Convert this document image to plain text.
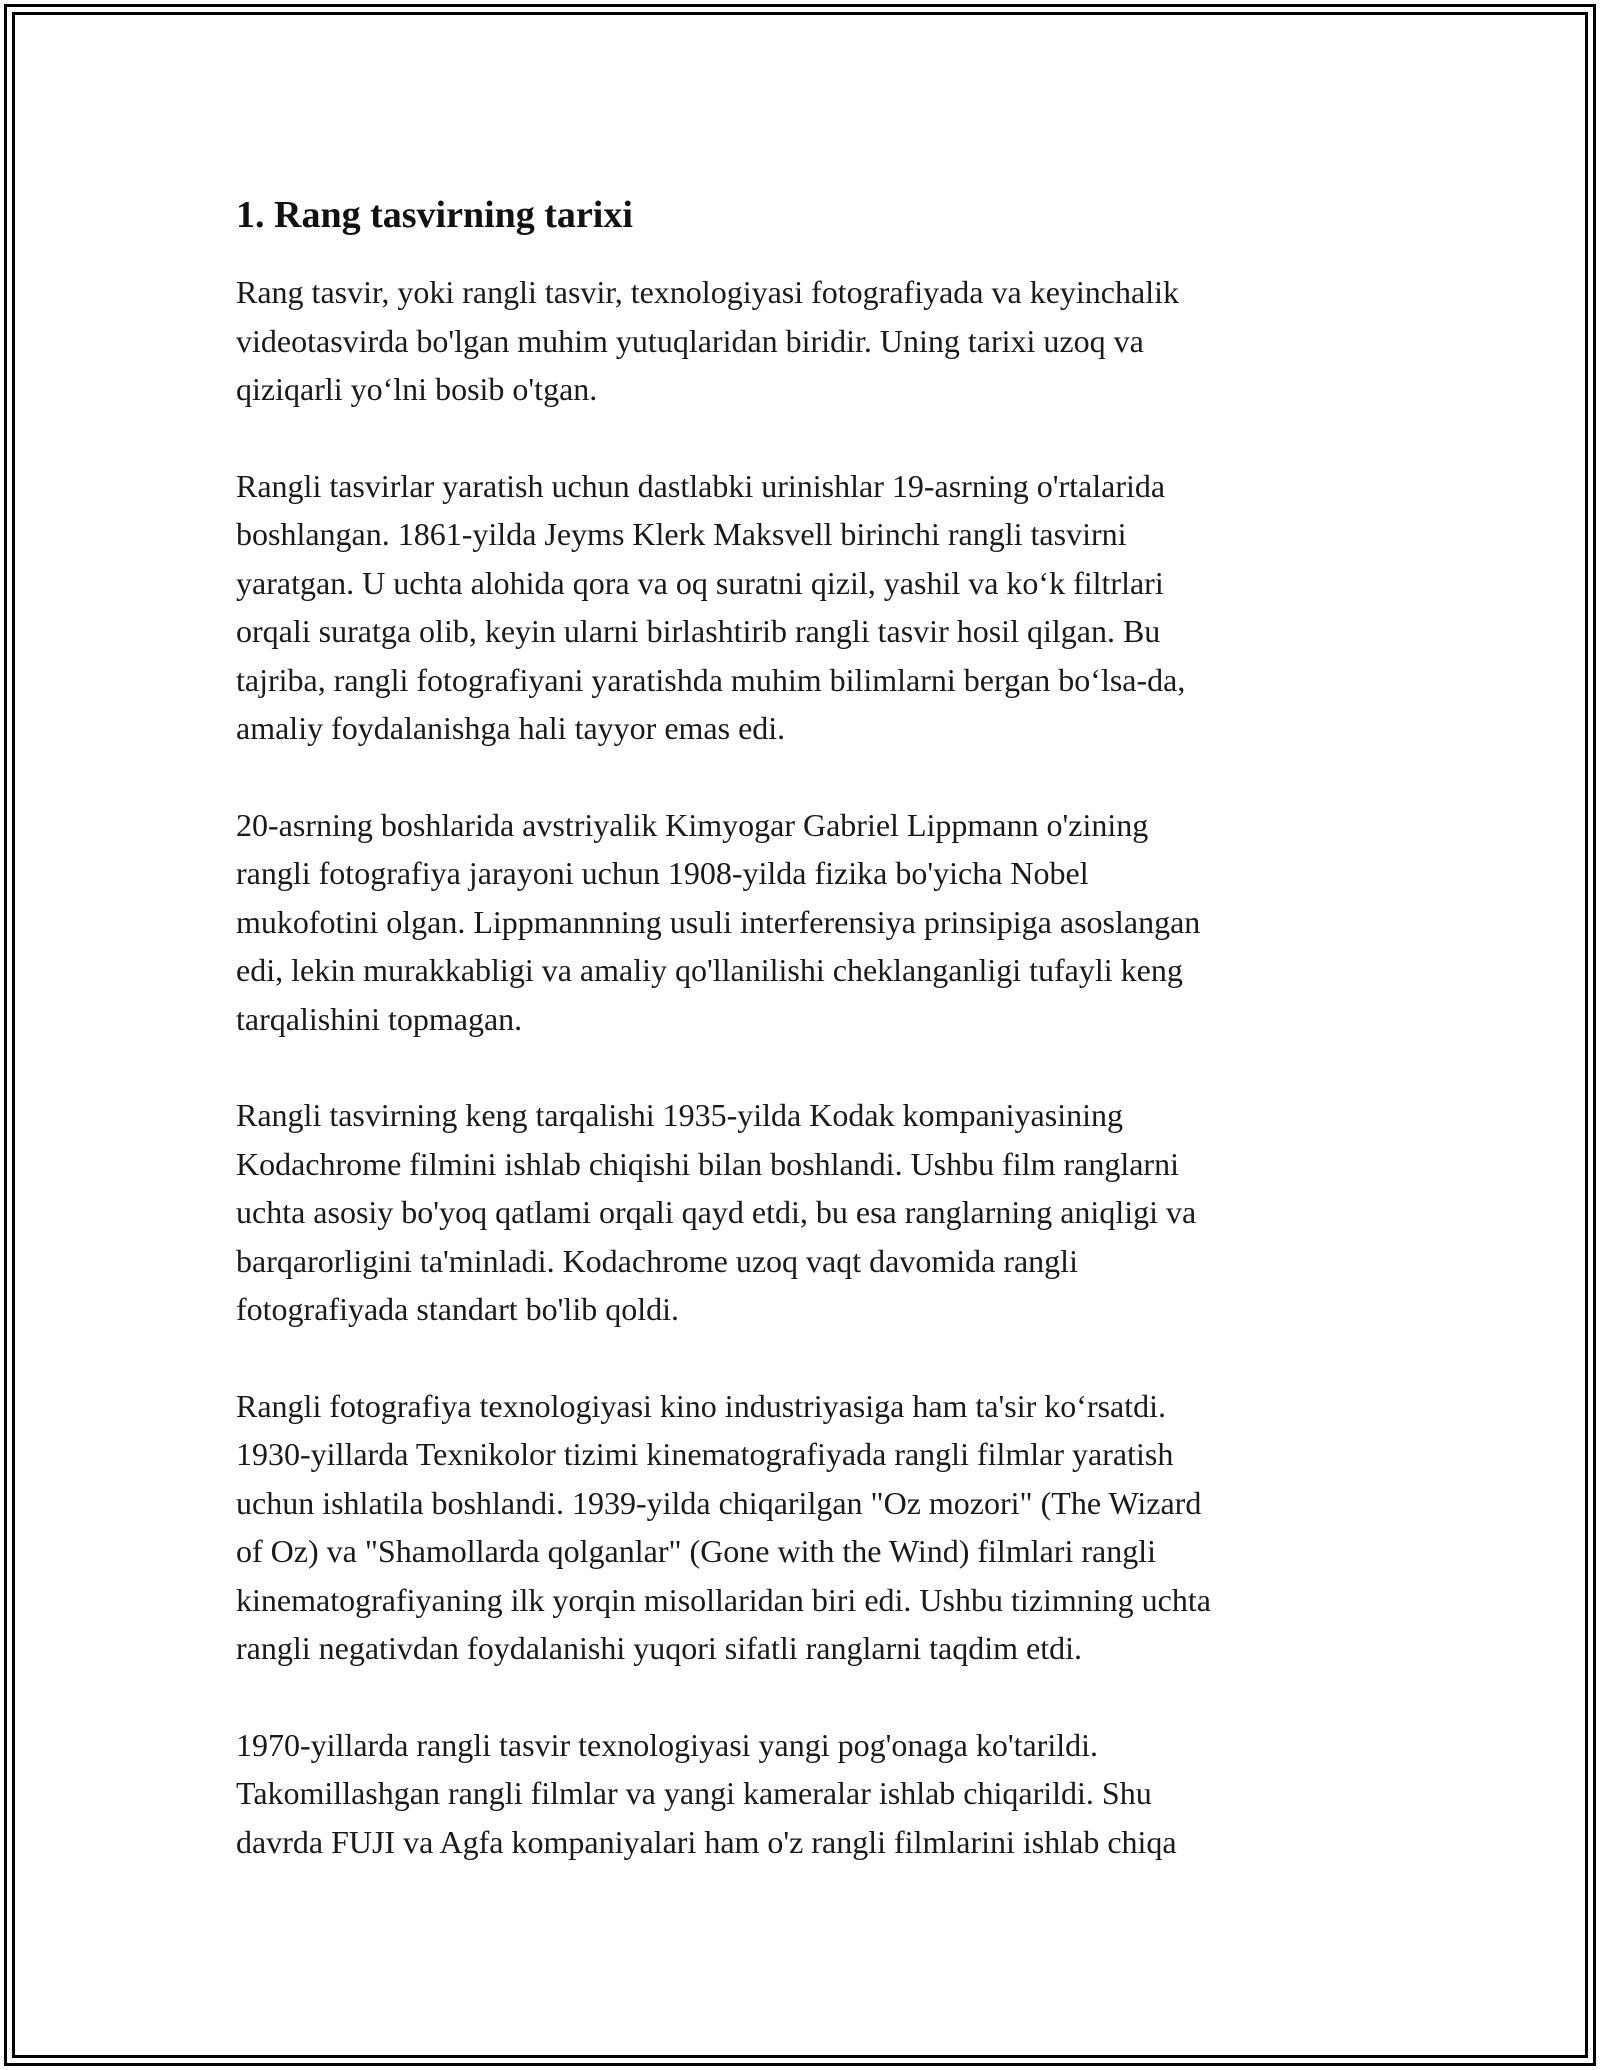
1. Rang tasvirning tarixi

Rang tasvir, yoki rangli tasvir, texnologiyasi fotografiyada va keyinchalik
videotasvirda bo'lgan muhim yutuqlaridan biridir. Uning tarixi uzoq va
qiziqarli yo‘lni bosib o'tgan.

Rangli tasvirlar yaratish uchun dastlabki urinishlar 19-asrning o'rtalarida
boshlangan. 1861-yilda Jeyms Klerk Maksvell birinchi rangli tasvirni
yaratgan. U uchta alohida qora va oq suratni qizil, yashil va ko‘k filtrlari
orqali suratga olib, keyin ularni birlashtirib rangli tasvir hosil qilgan. Bu
tajriba, rangli fotografiyani yaratishda muhim bilimlarni bergan bo‘lsa-da,
amaliy foydalanishga hali tayyor emas edi.

20-asrning boshlarida avstriyalik Kimyogar Gabriel Lippmann o'zining
rangli fotografiya jarayoni uchun 1908-yilda fizika bo'yicha Nobel
mukofotini olgan. Lippmannning usuli interferensiya prinsipiga asoslangan
edi, lekin murakkabligi va amaliy qo'llanilishi cheklanganligi tufayli keng
tarqalishini topmagan.

Rangli tasvirning keng tarqalishi 1935-yilda Kodak kompaniyasining
Kodachrome filmini ishlab chiqishi bilan boshlandi. Ushbu film ranglarni
uchta asosiy bo'yoq qatlami orqali qayd etdi, bu esa ranglarning aniqligi va
barqarorligini ta'minladi. Kodachrome uzoq vaqt davomida rangli
fotografiyada standart bo'lib qoldi.

Rangli fotografiya texnologiyasi kino industriyasiga ham ta'sir ko‘rsatdi.
1930-yillarda Texnikolor tizimi kinematografiyada rangli filmlar yaratish
uchun ishlatila boshlandi. 1939-yilda chiqarilgan "Oz mozori" (The Wizard
of Oz) va "Shamollarda qolganlar" (Gone with the Wind) filmlari rangli
kinematografiyaning ilk yorqin misollaridan biri edi. Ushbu tizimning uchta
rangli negativdan foydalanishi yuqori sifatli ranglarni taqdim etdi.

1970-yillarda rangli tasvir texnologiyasi yangi pog'onaga ko'tarildi.
Takomillashgan rangli filmlar va yangi kameralar ishlab chiqarildi. Shu
davrda FUJI va Agfa kompaniyalari ham o'z rangli filmlarini ishlab chiqa
